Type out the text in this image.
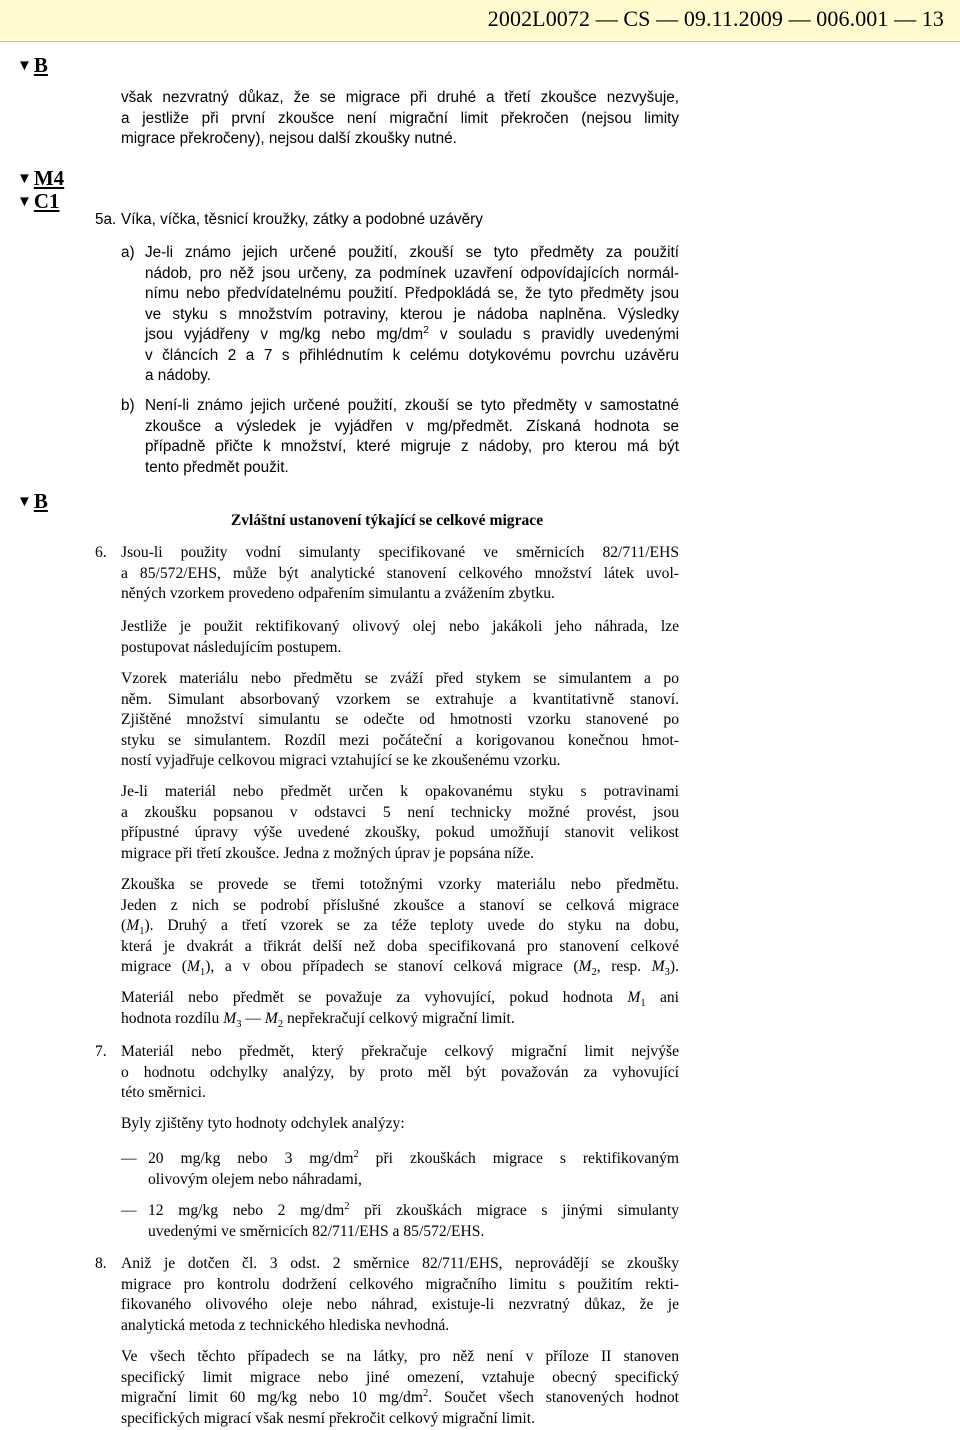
2002L0072 — CS — 09.11.2009 — 006.001 — 13
▼B
▼M4
▼C1
▼B
však nezvratný důkaz, že se migrace při druhé a třetí zkoušce nezvyšuje,
a jestliže při první zkoušce není migrační limit překročen (nejsou limity
migrace překročeny), nejsou další zkoušky nutné.
5a. Víka, víčka, těsnicí kroužky, zátky a podobné uzávěry
a) Je-li známo jejich určené použití, zkouší se tyto předměty za použití
nádob, pro něž jsou určeny, za podmínek uzavření odpovídajících normál-
nímu nebo předvídatelnému použití. Předpokládá se, že tyto předměty jsou
ve styku s množstvím potraviny, kterou je nádoba naplněna. Výsledky
jsou vyjádřeny v mg/kg nebo $mg/dm^2$ v souladu s pravidly uvedenými
v článcích 2 a 7 s přihlédnutím k celému dotykovému povrchu uzávěru
a nádoby.
b) Není-li známo jejich určené použití, zkouší se tyto předměty v samostatné
zkoušce a výsledek je vyjádřen v mg/předmět. Získaná hodnota se
případně přičte k množství, které migruje z nádoby, pro kterou má být
tento předmět použit.
Zvláštní ustanovení týkající se celkové migrace
6. Jsou-li použity vodní simulanty specifikované ve směrnicích 82/711/EHS
a 85/572/EHS, může být analytické stanovení celkového množství látek uvol-
něných vzorkem provedeno odpařením simulantu a zvážením zbytku.
Jestliže je použit rektifikovaný olivový olej nebo jakákoli jeho náhrada, lze
postupovat následujícím postupem.
Vzorek materiálu nebo předmětu se zváží před stykem se simulantem a po
něm. Simulant absorbovaný vzorkem se extrahuje a kvantitativně stanoví.
Zjištěné množství simulantu se odečte od hmotnosti vzorku stanovené po
styku se simulantem. Rozdíl mezi počáteční a korigovanou konečnou hmot-
ností vyjadřuje celkovou migraci vztahující se ke zkoušenému vzorku.
Je-li materiál nebo předmět určen k opakovanému styku s potravinami
a zkoušku popsanou v odstavci 5 není technicky možné provést, jsou
přípustné úpravy výše uvedené zkoušky, pokud umožňují stanovit velikost
migrace při třetí zkoušce. Jedna z možných úprav je popsána níže.
Zkouška se provede se třemi totožnými vzorky materiálu nebo předmětu.
Jeden z nich se podrobí příslušné zkoušce a stanoví se celková migrace
$(M_1)$. Druhý a třetí vzorek se za téže teploty uvede do styku na dobu,
která je dvakrát a třikrát delší než doba specifikovaná pro stanovení celkové
migrace $(M_1)$, a v obou případech se stanoví celková migrace ($M_2$, resp. $M_3$).
Materiál nebo předmět se považuje za vyhovující, pokud hodnota $M_1$ ani
hodnota rozdílu $M_3$ — $M_2$ nepřekračují celkový migrační limit.
7. Materiál nebo předmět, který překračuje celkový migrační limit nejvýše
o hodnotu odchylky analýzy, by proto měl být považován za vyhovující
této směrnici.
Byly zjištěny tyto hodnoty odchylek analýzy:
— 20 mg/kg nebo 3 $mg/dm^2$ při zkouškách migrace s rektifikovaným
olivovým olejem nebo náhradami,
— 12 mg/kg nebo 2 $mg/dm^2$ při zkouškách migrace s jinými simulanty
uvedenými ve směrnicích 82/711/EHS a 85/572/EHS.
8. Aniž je dotčen čl. 3 odst. 2 směrnice 82/711/EHS, neprovádějí se zkoušky
migrace pro kontrolu dodržení celkového migračního limitu s použitím rekti-
fikovaného olivového oleje nebo náhrad, existuje-li nezvratný důkaz, že je
analytická metoda z technického hlediska nevhodná.
Ve všech těchto případech se na látky, pro něž není v příloze II stanoven
specifický limit migrace nebo jiné omezení, vztahuje obecný specifický
migrační limit 60 mg/kg nebo 10 $mg/dm^2$. Součet všech stanovených hodnot
specifických migrací však nesmí překročit celkový migrační limit.
